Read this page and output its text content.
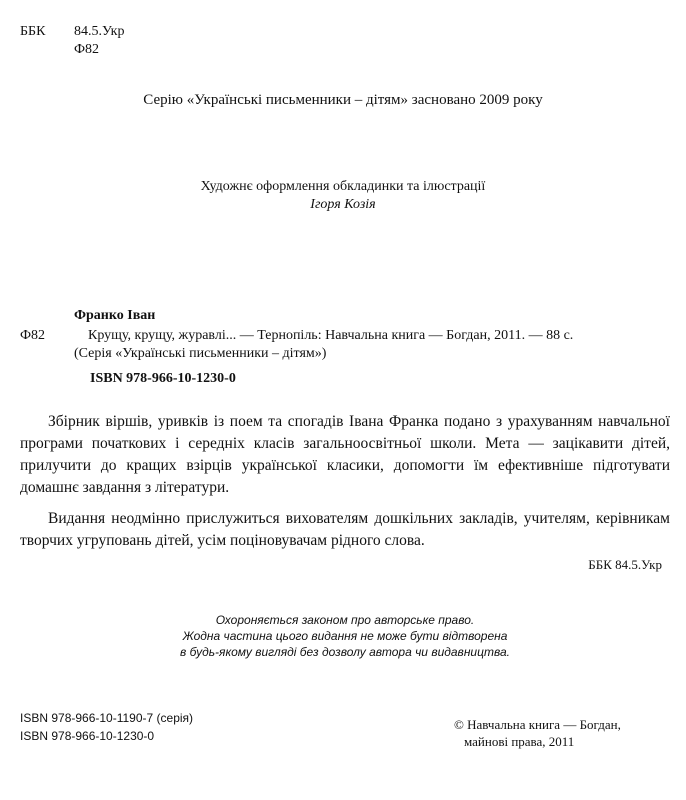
ББК 84.5.Укр
Ф82
Серію «Українські письменники – дітям» засновано 2009 року
Художнє оформлення обкладинки та ілюстрації
Ігоря Козія
Франко Іван
Ф82	Крущу, крущу, журавлі... — Тернопіль: Навчальна книга — Богдан, 2011. — 88 с.
(Серія «Українські письменники – дітям»)
ISBN 978-966-10-1230-0
Збірник віршів, уривків із поем та спогадів Івана Франка подано з урахуванням навчальної програми початкових і середніх класів загальноосвітньої школи. Мета — зацікавити дітей, прилучити до кращих взірців української класики, допомогти їм ефективніше підготувати домашнє завдання з літератури.
Видання неодмінно прислужиться вихователям дошкільних закладів, учителям, керівникам творчих угруповань дітей, усім поціновувачам рідного слова.
ББК 84.5.Укр
Охороняється законом про авторське право.
Жодна частина цього видання не може бути відтворена
в будь-якому вигляді без дозволу автора чи видавництва.
ISBN 978-966-10-1190-7 (серія)
ISBN 978-966-10-1230-0
© Навчальна книга — Богдан,
майнові права, 2011
